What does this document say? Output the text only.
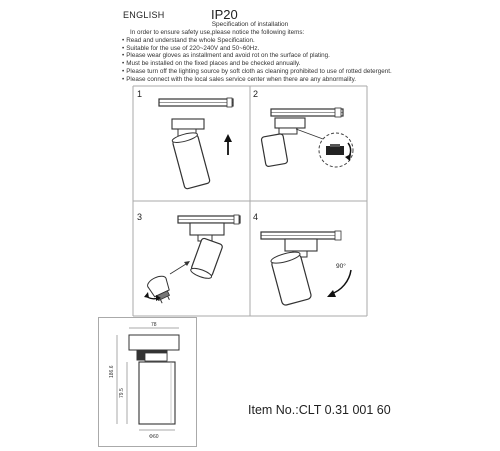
ENGLISH	IP20
Specification of installation
In order to ensure safety use,please notice the following items:
• Read and understand the whole Specification.
• Suitable for the use of 220~240V and 50~60Hz.
• Please wear gloves as installment and avoid rot on the surface of plating.
• Must be installed on the fixed places and be checked annually.
• Please turn off the lighting source by soft cloth as cleaning prohibited to use of rotted detergent.
• Please connect with the local sales service center when there are any abnormality.
1	2
3	4
90°
78
186.6
79.5
Φ60
Item No.:CLT 0.31 001 60
